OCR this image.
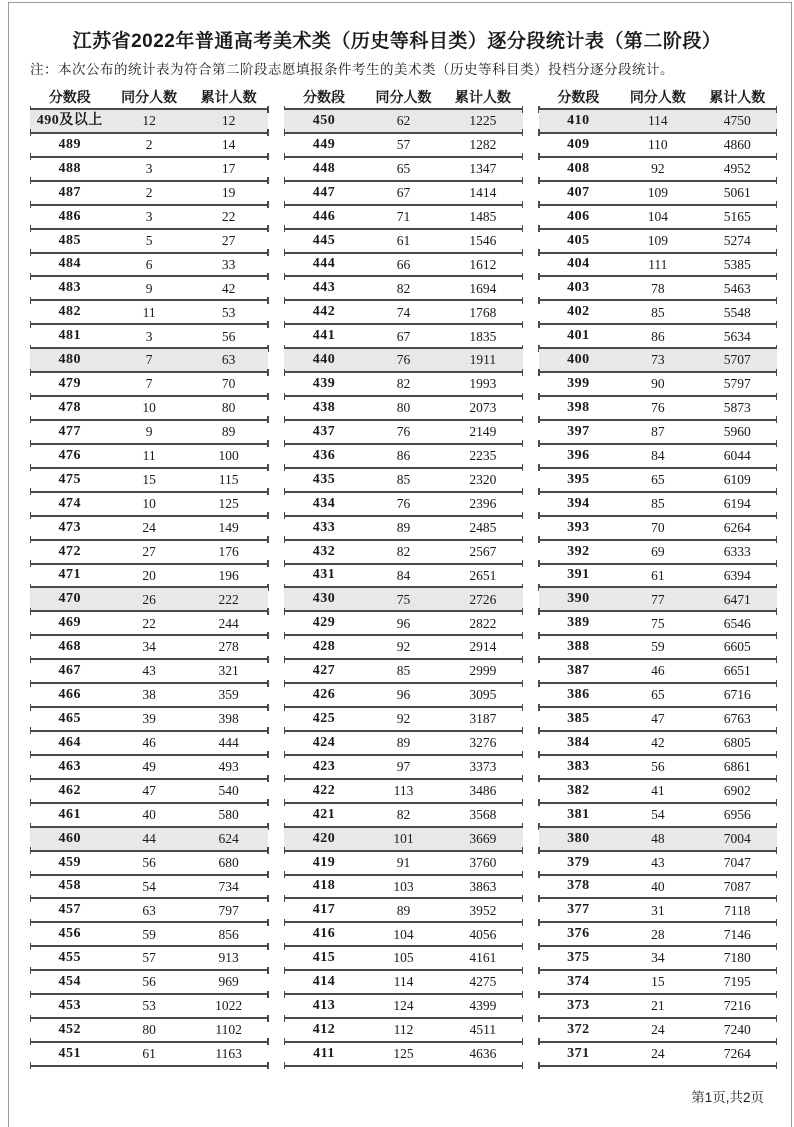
江苏省2022年普通高考美术类（历史等科目类）逐分段统计表（第二阶段）
注：本次公布的统计表为符合第二阶段志愿填报条件考生的美术类（历史等科目类）投档分逐分段统计。
分数段	同分人数	累计人数
490及以上	12	12
489	2	14
488	3	17
487	2	19
486	3	22
485	5	27
484	6	33
483	9	42
482	11	53
481	3	56
480	7	63
479	7	70
478	10	80
477	9	89
476	11	100
475	15	115
474	10	125
473	24	149
472	27	176
471	20	196
470	26	222
469	22	244
468	34	278
467	43	321
466	38	359
465	39	398
464	46	444
463	49	493
462	47	540
461	40	580
460	44	624
459	56	680
458	54	734
457	63	797
456	59	856
455	57	913
454	56	969
453	53	1022
452	80	1102
451	61	1163
分数段	同分人数	累计人数
450	62	1225
449	57	1282
448	65	1347
447	67	1414
446	71	1485
445	61	1546
444	66	1612
443	82	1694
442	74	1768
441	67	1835
440	76	1911
439	82	1993
438	80	2073
437	76	2149
436	86	2235
435	85	2320
434	76	2396
433	89	2485
432	82	2567
431	84	2651
430	75	2726
429	96	2822
428	92	2914
427	85	2999
426	96	3095
425	92	3187
424	89	3276
423	97	3373
422	113	3486
421	82	3568
420	101	3669
419	91	3760
418	103	3863
417	89	3952
416	104	4056
415	105	4161
414	114	4275
413	124	4399
412	112	4511
411	125	4636
分数段	同分人数	累计人数
410	114	4750
409	110	4860
408	92	4952
407	109	5061
406	104	5165
405	109	5274
404	111	5385
403	78	5463
402	85	5548
401	86	5634
400	73	5707
399	90	5797
398	76	5873
397	87	5960
396	84	6044
395	65	6109
394	85	6194
393	70	6264
392	69	6333
391	61	6394
390	77	6471
389	75	6546
388	59	6605
387	46	6651
386	65	6716
385	47	6763
384	42	6805
383	56	6861
382	41	6902
381	54	6956
380	48	7004
379	43	7047
378	40	7087
377	31	7118
376	28	7146
375	34	7180
374	15	7195
373	21	7216
372	24	7240
371	24	7264
第1页,共2页
